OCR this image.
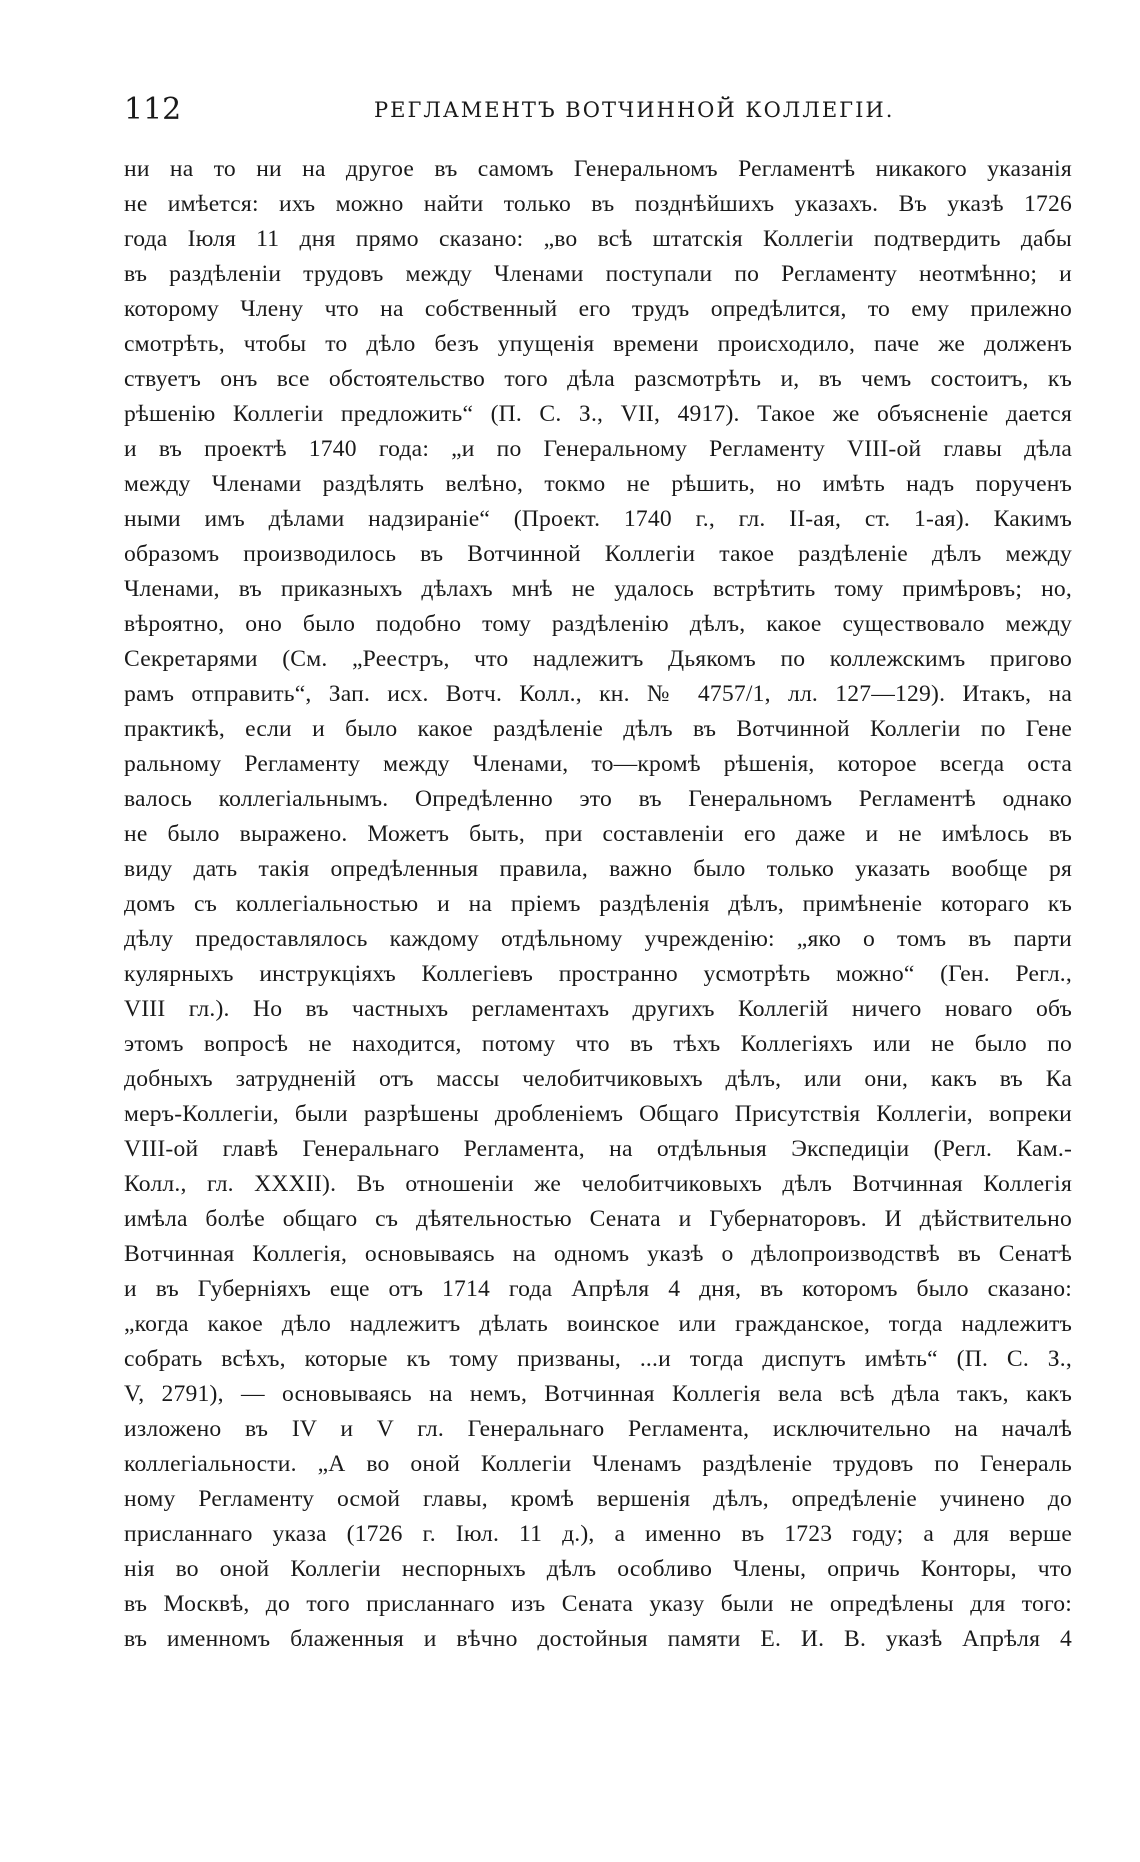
112	РЕГЛАМЕНТЪ ВОТЧИННОЙ КОЛЛЕГІИ.
ни на то ни на другое въ самомъ Генеральномъ Регламентѣ никакого указанія
не имѣется: ихъ можно найти только въ позднѣйшихъ указахъ. Въ указѣ 1726
года Іюля 11 дня прямо сказано: „во всѣ штатскія Коллегіи подтвердить дабы
въ раздѣленіи трудовъ между Членами поступали по Регламенту неотмѣнно; и
которому Члену что на собственный его трудъ опредѣлится, то ему прилежно
смотрѣть, чтобы то дѣло безъ упущенія времени происходило, паче же долженъ
ствуетъ онъ все обстоятельство того дѣла разсмотрѣть и, въ чемъ состоитъ, къ
рѣшенію Коллегіи предложить“ (П. С. З., VII, 4917). Такое же объясненіе дается
и въ проектѣ 1740 года: „и по Генеральному Регламенту VIII-ой главы дѣла
между Членами раздѣлять велѣно, токмо не рѣшить, но имѣть надъ порученъ
ными имъ дѣлами надзираніе“ (Проект. 1740 г., гл. II-ая, ст. 1-ая). Какимъ
образомъ производилось въ Вотчинной Коллегіи такое раздѣленіе дѣлъ между
Членами, въ приказныхъ дѣлахъ мнѣ не удалось встрѣтить тому примѣровъ; но,
вѣроятно, оно было подобно тому раздѣленію дѣлъ, какое существовало между
Секретарями (См. „Реестръ, что надлежитъ Дьякомъ по коллежскимъ пригово
рамъ отправить“, Зап. исх. Вотч. Колл., кн. № 4757/1, лл. 127—129). Итакъ, на
практикѣ, если и было какое раздѣленіе дѣлъ въ Вотчинной Коллегіи по Гене
ральному Регламенту между Членами, то—кромѣ рѣшенія, которое всегда оста
валось коллегіальнымъ. Опредѣленно это въ Генеральномъ Регламентѣ однако
не было выражено. Можетъ быть, при составленіи его даже и не имѣлось въ
виду дать такія опредѣленныя правила, важно было только указать вообще ря
домъ съ коллегіальностью и на пріемъ раздѣленія дѣлъ, примѣненіе котораго къ
дѣлу предоставлялось каждому отдѣльному учрежденію: „яко о томъ въ парти
кулярныхъ инструкціяхъ Коллегіевъ пространно усмотрѣть можно“ (Ген. Регл.,
VIII гл.). Но въ частныхъ регламентахъ другихъ Коллегій ничего новаго объ
этомъ вопросѣ не находится, потому что въ тѣхъ Коллегіяхъ или не было по
добныхъ затрудненій отъ массы челобитчиковыхъ дѣлъ, или они, какъ въ Ка
меръ-Коллегіи, были разрѣшены дробленіемъ Общаго Присутствія Коллегіи, вопреки
VIII-ой главѣ Генеральнаго Регламента, на отдѣльныя Экспедиціи (Регл. Кам.-
Колл., гл. XXXII). Въ отношеніи же челобитчиковыхъ дѣлъ Вотчинная Коллегія
имѣла болѣе общаго съ дѣятельностью Сената и Губернаторовъ. И дѣйствительно
Вотчинная Коллегія, основываясь на одномъ указѣ о дѣлопроизводствѣ въ Сенатѣ
и въ Губерніяхъ еще отъ 1714 года Апрѣля 4 дня, въ которомъ было сказано:
„когда какое дѣло надлежитъ дѣлать воинское или гражданское, тогда надлежитъ
собрать всѣхъ, которые къ тому призваны, ...и тогда диспутъ имѣть“ (П. С. З.,
V, 2791), — основываясь на немъ, Вотчинная Коллегія вела всѣ дѣла такъ, какъ
изложено въ IV и V гл. Генеральнаго Регламента, исключительно на началѣ
коллегіальности. „А во оной Коллегіи Членамъ раздѣленіе трудовъ по Генераль
ному Регламенту осмой главы, кромѣ вершенія дѣлъ, опредѣленіе учинено до
присланнаго указа (1726 г. Іюл. 11 д.), а именно въ 1723 году; а для верше
нія во оной Коллегіи неспорныхъ дѣлъ особливо Члены, опричь Конторы, что
въ Москвѣ, до того присланнаго изъ Сената указу были не опредѣлены для того:
въ именномъ блаженныя и вѣчно достойныя памяти Е. И. В. указѣ Апрѣля 4
